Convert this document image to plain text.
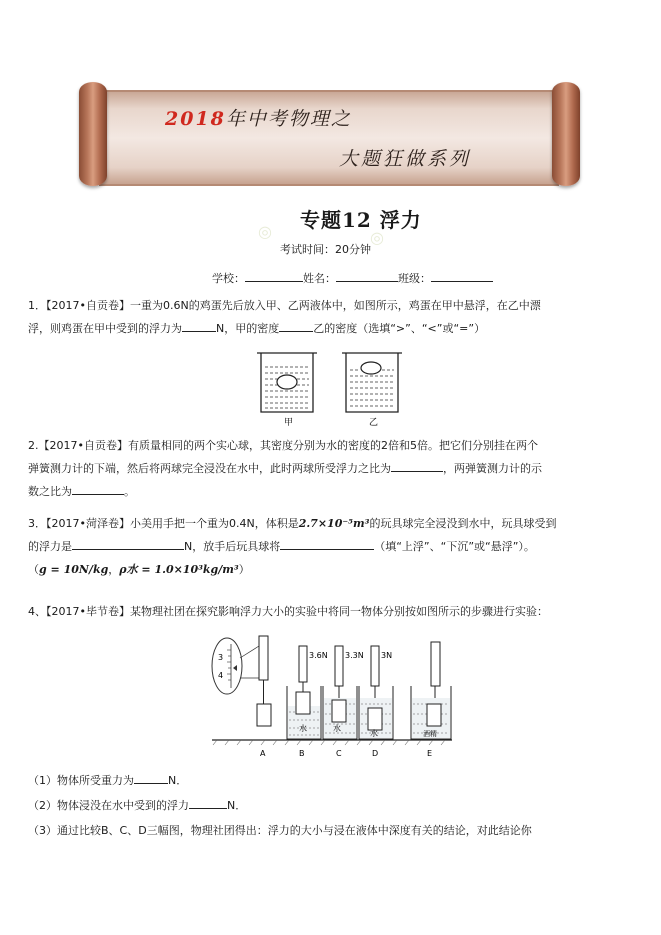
2018年中考物理之
大题狂做系列
◎	◎
专题12 浮力
考试时间：20分钟
学校：	姓名：	班级：

1．【2017•自贡卷】一重为0.6N的鸡蛋先后放入甲、乙两液体中，如图所示，鸡蛋在甲中悬浮，在乙中漂

浮，则鸡蛋在甲中受到的浮力为	N，甲的密度	乙的密度（选填“>”、“<”或“=”）

甲	乙

2.【2017•自贡卷】有质量相同的两个实心球，其密度分别为水的密度的2倍和5倍。把它们分别挂在两个

弹簧测力计的下端，然后将两球完全浸没在水中，此时两球所受浮力之比为	，两弹簧测力计的示

数之比为	。

3．【2017•菏泽卷】小美用手把一个重为0.4N，体积是2.7×10⁻⁵m³的玩具球完全浸没到水中，玩具球受到

的浮力是	N，放手后玩具球将	（填“上浮”、“下沉”或“悬浮”）。

（g = 10N/kg，ρ水 = 1.0×10³kg/m³）

4、【2017•毕节卷】某物理社团在探究影响浮力大小的实验中将同一物体分别按如图所示的步骤进行实验：

3
4
3.6N
水
3.3N
水
3N
水	酒精
A	B	C	D	E

（1）物体所受重力为	N．

（2）物体浸没在水中受到的浮力	N．

（3）通过比较B、C、D三幅图，物理社团得出：浮力的大小与浸在液体中深度有关的结论，对此结论你
